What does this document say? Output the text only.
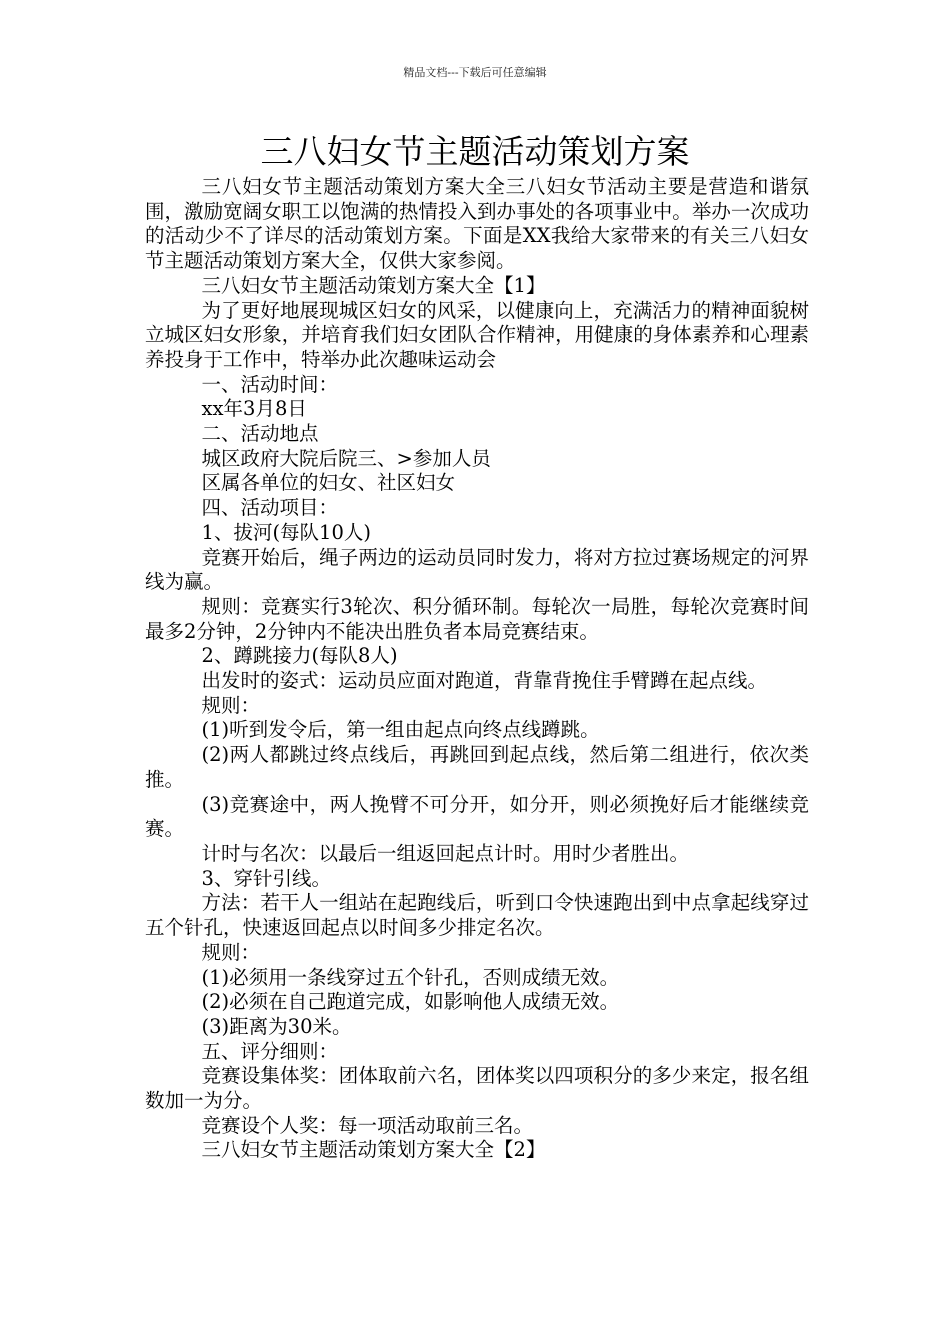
精品文档---下载后可任意编辑
三八妇女节主题活动策划方案

三八妇女节主题活动策划方案大全三八妇女节活动主要是营造和谐氛围，激励宽阔女职工以饱满的热情投入到办事处的各项事业中。举办一次成功的活动少不了详尽的活动策划方案。下面是XX我给大家带来的有关三八妇女节主题活动策划方案大全，仅供大家参阅。

三八妇女节主题活动策划方案大全【1】

为了更好地展现城区妇女的风采，以健康向上，充满活力的精神面貌树立城区妇女形象，并培育我们妇女团队合作精神，用健康的身体素养和心理素养投身于工作中，特举办此次趣味运动会

一、活动时间：

xx年3月8日

二、活动地点

城区政府大院后院三、>参加人员

区属各单位的妇女、社区妇女

四、活动项目：

1、拔河(每队10人)

竞赛开始后，绳子两边的运动员同时发力，将对方拉过赛场规定的河界线为赢。

规则：竞赛实行3轮次、积分循环制。每轮次一局胜，每轮次竞赛时间最多2分钟，2分钟内不能决出胜负者本局竞赛结束。

2、蹲跳接力(每队8人)

出发时的姿式：运动员应面对跑道，背靠背挽住手臂蹲在起点线。

规则：

(1)听到发令后，第一组由起点向终点线蹲跳。

(2)两人都跳过终点线后，再跳回到起点线，然后第二组进行，依次类推。

(3)竞赛途中，两人挽臂不可分开，如分开，则必须挽好后才能继续竞赛。

计时与名次：以最后一组返回起点计时。用时少者胜出。

3、穿针引线。

方法：若干人一组站在起跑线后，听到口令快速跑出到中点拿起线穿过五个针孔，快速返回起点以时间多少排定名次。

规则：

(1)必须用一条线穿过五个针孔，否则成绩无效。

(2)必须在自己跑道完成，如影响他人成绩无效。

(3)距离为30米。

五、评分细则：

竞赛设集体奖：团体取前六名，团体奖以四项积分的多少来定，报名组数加一为分。

竞赛设个人奖：每一项活动取前三名。

三八妇女节主题活动策划方案大全【2】
